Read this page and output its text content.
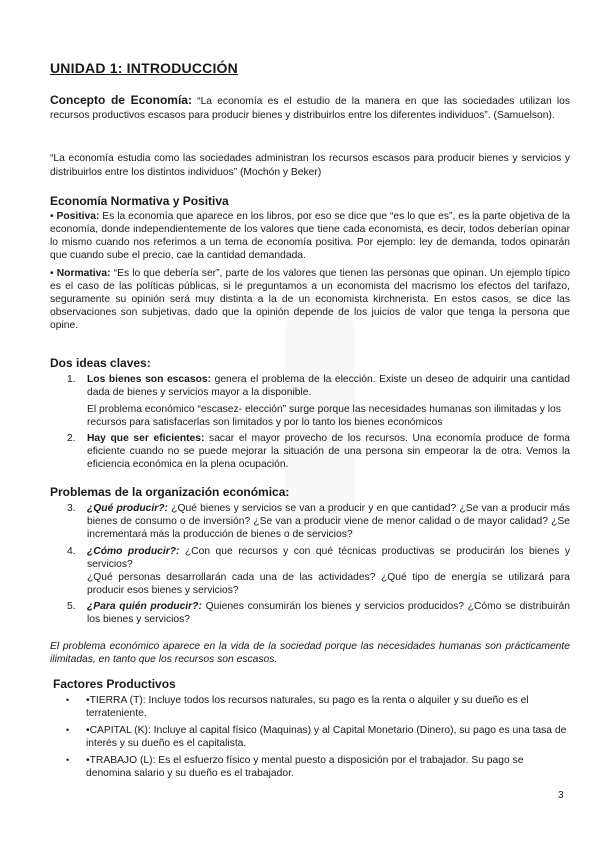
UNIDAD 1: INTRODUCCIÓN

Concepto de Economía: “La economía es el estudio de la manera en que las sociedades utilizan los recursos productivos escasos para producir bienes y distribuirlos entre los diferentes individuos”. (Samuelson).

“La economía estudia como las sociedades administran los recursos escasos para producir bienes y servicios y distribuirlos entre los distintos individuos” (Mochón y Beker)

Economía Normativa y Positiva

• Positiva: Es la economía que aparece en los libros, por eso se dice que “es lo que es”, es la parte objetiva de la economía, donde independientemente de los valores que tiene cada economista, es decir, todos deberían opinar lo mismo cuando nos referimos a un tema de economía positiva. Por ejemplo: ley de demanda, todos opinarán que cuando sube el precio, cae la cantidad demandada.

• Normativa: “Es lo que debería ser”, parte de los valores que tienen las personas que opinan. Un ejemplo típico es el caso de las políticas públicas, si le preguntamos a un economista del macrismo los efectos del tarifazo, seguramente su opinión será muy distinta a la de un economista kirchnerista. En estos casos, se dice las observaciones son subjetivas, dado que la opinión depende de los juicios de valor que tenga la persona que opine.

Dos ideas claves:

1. Los bienes son escasos: genera el problema de la elección. Existe un deseo de adquirir una cantidad dada de bienes y servicios mayor a la disponible.

El problema económico “escasez- elección” surge porque las necesidades humanas son ilimitadas y los recursos para satisfacerlas son limitados y por lo tanto los bienes económicos

2. Hay que ser eficientes: sacar el mayor provecho de los recursos. Una economía produce de forma eficiente cuando no se puede mejorar la situación de una persona sin empeorar la de otra. Vemos la eficiencia económica en la plena ocupación.

Problemas de la organización económica:

3. ¿Qué producir?: ¿Qué bienes y servicios se van a producir y en que cantidad? ¿Se van a producir más bienes de consumo o de inversión? ¿Se van a producir viene de menor calidad o de mayor calidad? ¿Se incrementará más la producción de bienes o de servicios?

4. ¿Cómo producir?: ¿Con que recursos y con qué técnicas productivas se producirán los bienes y servicios?

¿Qué personas desarrollarán cada una de las actividades? ¿Qué tipo de energía se utilizará para producir esos bienes y servicios?

5. ¿Para quién producir?: Quienes consumirán los bienes y servicios producidos? ¿Cómo se distribuirán los bienes y servicios?

El problema económico aparece en la vida de la sociedad porque las necesidades humanas son prácticamente ilimitadas, en tanto que los recursos son escasos.

Factores Productivos

• •TIERRA (T): Incluye todos los recursos naturales, su pago es la renta o alquiler y su dueño es el terrateniente.

• •CAPITAL (K): Incluye al capital físico (Maquinas) y al Capital Monetario (Dinero), su pago es una tasa de interés y su dueño es el capitalista.

• •TRABAJO (L): Es el esfuerzo físico y mental puesto a disposición por el trabajador. Su pago se denomina salario y su dueño es el trabajador.

3
